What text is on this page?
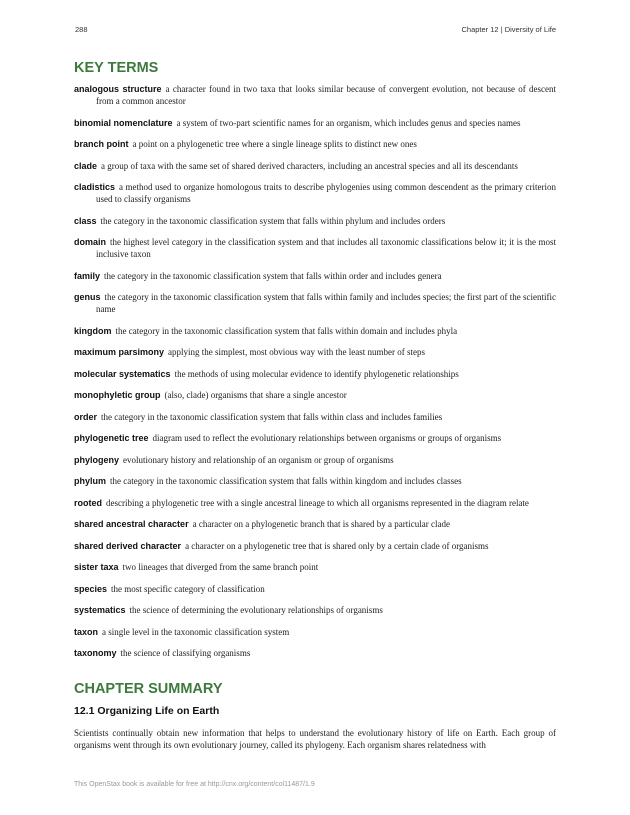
288	Chapter 12 | Diversity of Life
KEY TERMS

analogous structure a character found in two taxa that looks similar because of convergent evolution, not because of descent from a common ancestor

binomial nomenclature a system of two-part scientific names for an organism, which includes genus and species names

branch point a point on a phylogenetic tree where a single lineage splits to distinct new ones

clade a group of taxa with the same set of shared derived characters, including an ancestral species and all its descendants

cladistics a method used to organize homologous traits to describe phylogenies using common descendent as the primary criterion used to classify organisms

class the category in the taxonomic classification system that falls within phylum and includes orders

domain the highest level category in the classification system and that includes all taxonomic classifications below it; it is the most inclusive taxon

family the category in the taxonomic classification system that falls within order and includes genera

genus the category in the taxonomic classification system that falls within family and includes species; the first part of the scientific name

kingdom the category in the taxonomic classification system that falls within domain and includes phyla

maximum parsimony applying the simplest, most obvious way with the least number of steps

molecular systematics the methods of using molecular evidence to identify phylogenetic relationships

monophyletic group (also, clade) organisms that share a single ancestor

order the category in the taxonomic classification system that falls within class and includes families

phylogenetic tree diagram used to reflect the evolutionary relationships between organisms or groups of organisms

phylogeny evolutionary history and relationship of an organism or group of organisms

phylum the category in the taxonomic classification system that falls within kingdom and includes classes

rooted describing a phylogenetic tree with a single ancestral lineage to which all organisms represented in the diagram relate

shared ancestral character a character on a phylogenetic branch that is shared by a particular clade

shared derived character a character on a phylogenetic tree that is shared only by a certain clade of organisms

sister taxa two lineages that diverged from the same branch point

species the most specific category of classification

systematics the science of determining the evolutionary relationships of organisms

taxon a single level in the taxonomic classification system

taxonomy the science of classifying organisms

CHAPTER SUMMARY
12.1 Organizing Life on Earth

Scientists continually obtain new information that helps to understand the evolutionary history of life on Earth. Each group of organisms went through its own evolutionary journey, called its phylogeny. Each organism shares relatedness with

This OpenStax book is available for free at http://cnx.org/content/col11487/1.9
